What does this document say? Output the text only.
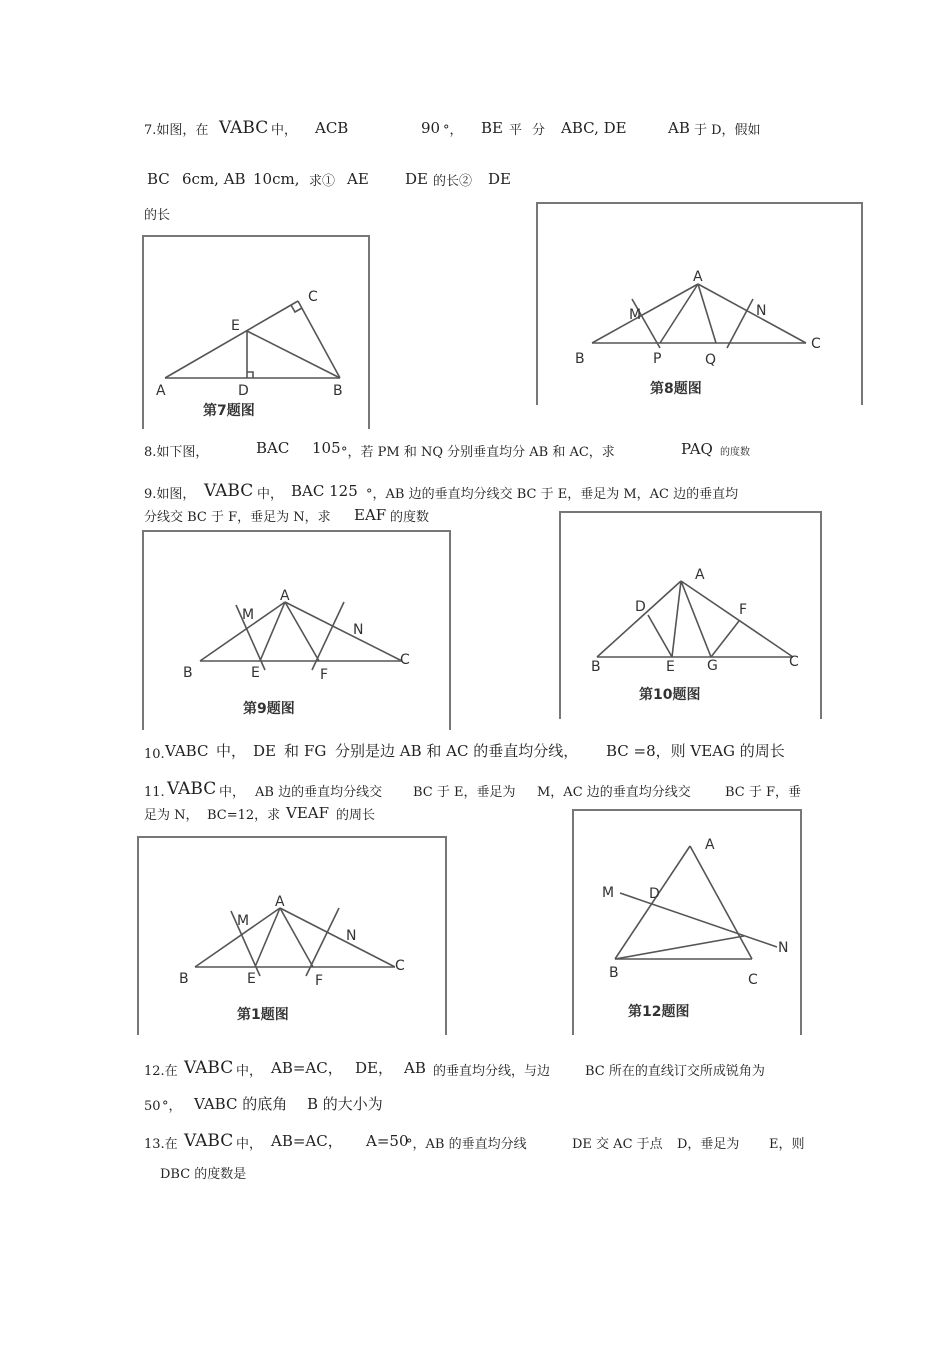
7.如图，在 VABC 中， ACB	90 °， BE 平 分 ABC, DE	AB 于 D，假如
BC 6cm, AB 10cm, 求① AE DE 的长② DE
的长
A	D	B
E
C
第7题图
A
M	N
B	P	Q
C
第8题图
8.如下图，	BAC 105 °，若 PM 和 NQ 分别垂直均分 AB 和 AC，求	PAQ 的度数
9.如图， VABC 中， BAC 125 °，AB 边的垂直均分线交 BC 于 E，垂足为 M，AC 边的垂直均
分线交 BC 于 F，垂足为 N，求 EAF 的度数
A
M
N
B	E	F
C
第9题图
A
D	F
B	E G	C
第10题图
10. VABC 中， DE 和 FG 分别是边 AB 和 AC 的垂直均分线， BC =8，则 VEAG 的周长
11. VABC 中， AB 边的垂直均分线交 BC 于 E，垂足为 M，AC 边的垂直均分线交	BC 于 F，垂
足为 N， BC=12，求 VEAF 的周长
A
M
N
B	E	F
C
第1题图
A
M D
N
B	C
第12题图
12.在 VABC 中， AB=AC， DE， AB 的垂直均分线，与边	BC 所在的直线订交所成锐角为
50 °， VABC 的底角 B 的大小为
13.在 VABC 中， AB=AC， A=50
°，AB 的垂直均分线	DE 交 AC 于点 D，垂足为 E，则
DBC 的度数是
